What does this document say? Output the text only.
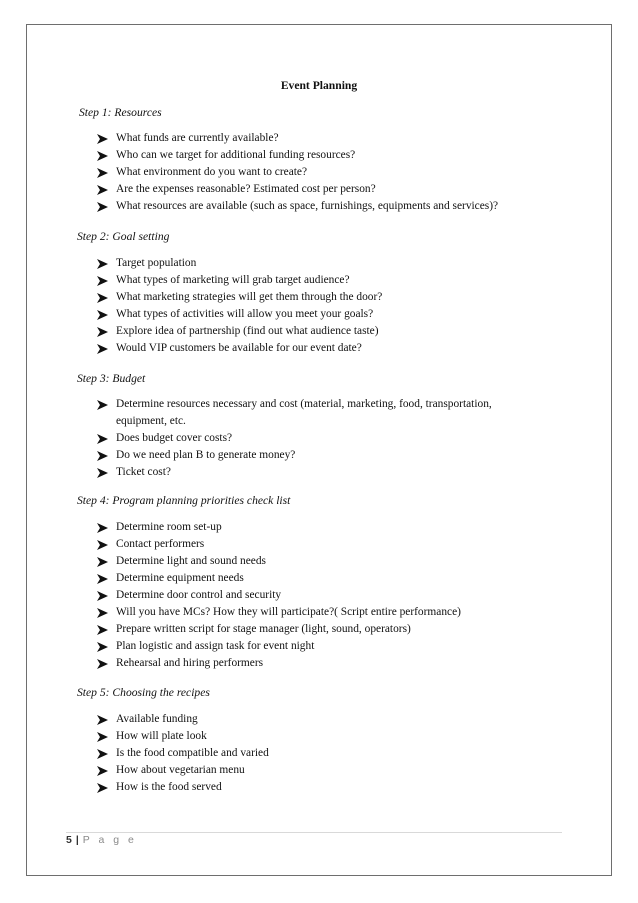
Event Planning
Step 1: Resources
What funds are currently available?
Who can we target for additional funding resources?
What environment do you want to create?
Are the expenses reasonable? Estimated cost per person?
What resources are available (such as space, furnishings, equipments and services)?
Step 2: Goal setting
Target population
What types of marketing will grab target audience?
What marketing strategies will get them through the door?
What types of activities will allow you meet your goals?
Explore idea of partnership (find out what audience taste)
Would VIP customers be available for our event date?
Step 3: Budget
Determine resources necessary and cost (material, marketing, food, transportation, equipment, etc.
Does budget cover costs?
Do we need plan B to generate money?
Ticket cost?
Step 4: Program planning priorities check list
Determine room set-up
Contact performers
Determine light and sound needs
Determine equipment needs
Determine door control and security
Will you have MCs? How they will participate?( Script entire performance)
Prepare written script for stage manager (light, sound, operators)
Plan logistic and assign task for event night
Rehearsal and hiring performers
Step 5: Choosing the recipes
Available funding
How will plate look
Is the food compatible and varied
How about vegetarian menu
How is the food served
5 | P a g e
